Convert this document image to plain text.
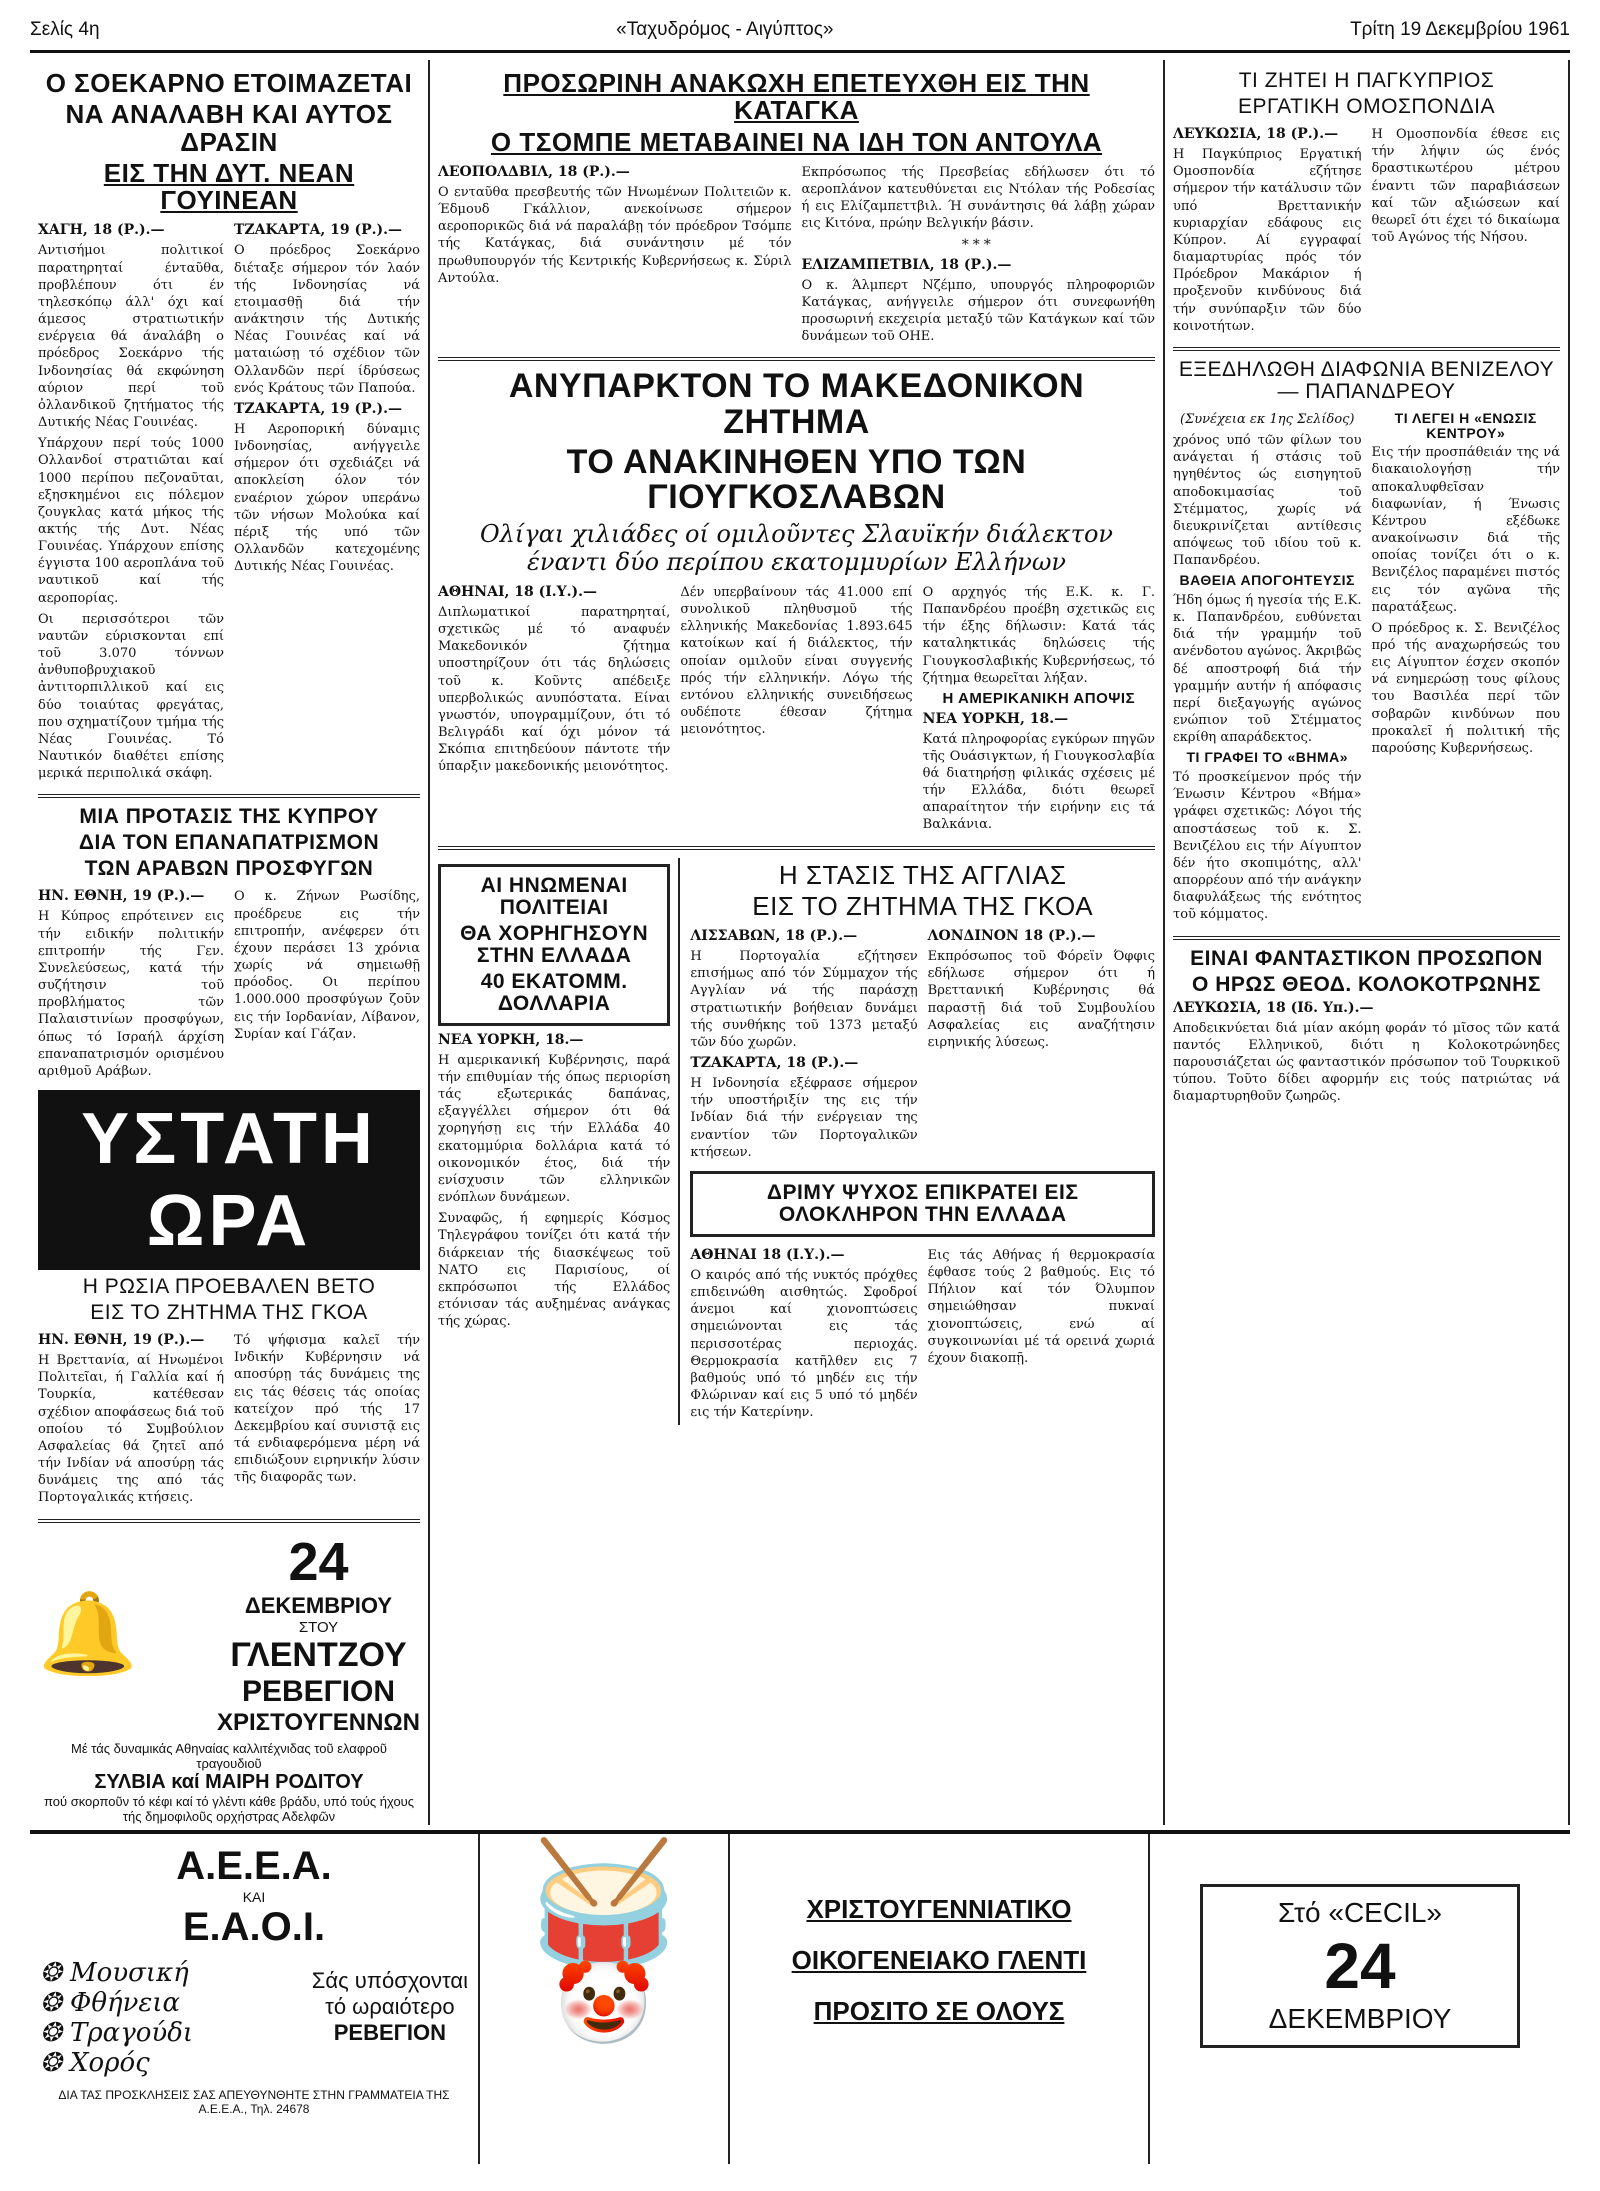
Σελίς 4η	«Ταχυδρόμος - Αιγύπτος»	Τρίτη 19 Δεκεμβρίου 1961
Ο ΣΟΕΚΑΡΝΟ ΕΤΟΙΜΑΖΕΤΑΙ
ΝΑ ΑΝΑΛΑΒΗ ΚΑΙ ΑΥΤΟΣ ΔΡΑΣΙΝ
ΕΙΣ ΤΗΝ ΔΥΤ. ΝΕΑΝ ΓΟΥΙΝΕΑΝ
ΧΑΓΗ, 18 (Ρ.).—

Αντισήμοι πολιτικοί παρατηρηταί ένταῦθα, προβλέπουν ότι έν τηλεσκόπῳ άλλ' όχι καί άμεσος στρατιωτικήν ενέργεια θά άναλάβη ο πρόεδρος Σοεκάρνο τής Ινδονησίας θά εκφώνηση αύριον περί τοῦ ὀλλανδικοῦ ζητήματος τής Δυτικής Νέας Γουινέας.

Υπάρχουν περί τούς 1000 Ολλανδοί στρατιῶται καί 1000 περίπου πεζοναῦται, εξησκημένοι εις πόλεμον ζουγκλας κατά μήκος τής ακτής τής Δυτ. Νέας Γουινέας. Υπάρχουν επίσης έγγιστα 100 αεροπλάνα τοῦ ναυτικοῦ καί τής αεροπορίας.

Οι περισσότεροι τῶν ναυτῶν εύρισκονται επί τοῦ 3.070 τόννων ἀνθυποβρυχιακοῦ ἀντιτορπιλλικοῦ καί εις δύο τοιαύτας φρεγάτας, που σχηματίζουν τμήμα τής Νέας Γουινέας. Τό Ναυτικόν διαθέτει επίσης μερικά περιπολικά σκάφη.

ΤΖΑΚΑΡΤΑ, 19 (Ρ.).—

Ο πρόεδρος Σοεκάρνο διέταξε σήμερον τόν λαόν τής Ινδονησίας νά ετοιμασθῇ διά τήν ανάκτησιν τής Δυτικής Νέας Γουινέας καί νά ματαιώσῃ τό σχέδιον τῶν Ολλανδῶν περί ίδρύσεως ενός Κράτους τῶν Παπούα.

ΤΖΑΚΑΡΤΑ, 19 (Ρ.).—

Η Αεροπορική δύναμις Ινδονησίας, ανήγγειλε σήμερον ότι σχεδιάζει νά αποκλείση όλον τόν εναέριον χώρον υπεράνω τῶν νήσων Μολούκα καί πέριξ τής υπό τῶν Ολλανδῶν κατεχομένης Δυτικής Νέας Γουινέας.

ΜΙΑ ΠΡΟΤΑΣΙΣ ΤΗΣ ΚΥΠΡΟΥ
ΔΙΑ ΤΟΝ ΕΠΑΝΑΠΑΤΡΙΣΜΟΝ
ΤΩΝ ΑΡΑΒΩΝ ΠΡΟΣΦΥΓΩΝ
ΗΝ. ΕΘΝΗ, 19 (Ρ.).—

Η Κύπρος επρότεινεν εις τήν ειδικήν πολιτικήν επιτροπήν τής Γεν. Συνελεύσεως, κατά τήν συζήτησιν τοῦ προβλήματος τῶν Παλαιστινίων προσφύγων, όπως τό Ισραήλ άρχίση επαναπατρισμόν ορισμένου αριθμοῦ Αράβων.

Ο κ. Ζήνων Ρωσίδης, προέδρευε εις τήν επιτροπήν, ανέφερεν ότι έχουν περάσει 13 χρόνια χωρίς νά σημειωθῇ πρόοδος. Οι περίπου 1.000.000 προσφύγων ζοῦν εις τήν Ιορδανίαν, Λίβανον, Συρίαν καί Γάζαν.

ΥΣΤΑΤΗ ΩΡΑ
Η ΡΩΣΙΑ ΠΡΟΕΒΑΛΕΝ ΒΕΤΟ
ΕΙΣ ΤΟ ΖΗΤΗΜΑ ΤΗΣ ΓΚΟΑ
ΗΝ. ΕΘΝΗ, 19 (Ρ.).—

Η Βρεττανία, αί Ηνωμένοι Πολιτεῖαι, ή Γαλλία καί ή Τουρκία, κατέθεσαν σχέδιον αποφάσεως διά τοῦ οποίου τό Συμβούλιον Ασφαλείας θά ζητεῖ από τήν Ινδίαν νά αποσύρῃ τάς δυνάμεις της από τάς Πορτογαλικάς κτήσεις.

Τό ψήφισμα καλεῖ τήν Ινδικήν Κυβέρνησιν νά αποσύρῃ τάς δυνάμεις της εις τάς θέσεις τάς οποίας κατείχον πρό τής 17 Δεκεμβρίου καί συνιστᾷ εις τά ενδιαφερόμενα μέρη νά επιδιώξουν ειρηνικήν λύσιν τῆς διαφορᾶς των.

🔔
24
ΔΕΚΕΜΒΡΙΟΥ
ΣΤΟΥ
ΓΛΕΝΤΖΟΥ
ΡΕΒΕΓΙΟΝ
ΧΡΙΣΤΟΥΓΕΝΝΩΝ
Μέ τάς δυναμικάς Αθηναίας καλλιτέχνιδας τοῦ ελαφροῦ τραγουδιοῦ
ΣΥΛΒΙΑ καί ΜΑΙΡΗ ΡΟΔΙΤΟΥ
πού σκορποῦν τό κέφι καί τό γλέντι κάθε βράδυ, υπό τούς ήχους τής δημοφιλοῦς ορχήστρας Αδελφῶν
ΠΡΟΣΩΡΙΝΗ ΑΝΑΚΩΧΗ ΕΠΕΤΕΥΧΘΗ ΕΙΣ ΤΗΝ ΚΑΤΑΓΚΑ
Ο ΤΣΟΜΠΕ ΜΕΤΑΒΑΙΝΕΙ ΝΑ ΙΔΗ ΤΟΝ ΑΝΤΟΥΛΑ
ΛΕΟΠΟΛΔΒΙΛ, 18 (Ρ.).—

Ο ενταῦθα πρεσβευτής τῶν Ηνωμένων Πολιτειῶν κ. Έδμουδ Γκάλλιον, ανεκοίνωσε σήμερον αεροπορικῶς διά νά παραλάβῃ τόν πρόεδρον Τσόμπε τής Κατάγκας, διά συνάντησιν μέ τόν πρωθυπουργόν τής Κεντρικής Κυβερνήσεως κ. Σύριλ Αντούλα.

Εκπρόσωπος τής Πρεσβείας εδήλωσεν ότι τό αεροπλάνον κατευθύνεται εις Ντόλαν τής Ροδεσίας ή εις Ελίζαμπεττβιλ. Ή συνάντησις θά λάβῃ χώραν εις Κιτόνα, πρώην Βελγικήν βάσιν.

***
ΕΛΙΖΑΜΠΕΤΒΙΛ, 18 (Ρ.).—

Ο κ. Άλμπερτ Νζέμπο, υπουργός πληροφοριῶν Κατάγκας, ανήγγειλε σήμερον ότι συνεφωνήθη προσωρινή εκεχειρία μεταξύ τῶν Κατάγκων καί τῶν δυνάμεων τοῦ ΟΗΕ.

ΑΝΥΠΑΡΚΤΟΝ ΤΟ ΜΑΚΕΔΟΝΙΚΟΝ ΖΗΤΗΜΑ
ΤΟ ΑΝΑΚΙΝΗΘΕΝ ΥΠΟ ΤΩΝ ΓΙΟΥΓΚΟΣΛΑΒΩΝ
Ολίγαι χιλιάδες οί ομιλοῦντες Σλαυϊκήν διάλεκτον έναντι δύο περίπου εκατομμυρίων Ελλήνων
ΑΘΗΝΑΙ, 18 (Ι.Υ.).—

Διπλωματικοί παρατηρηταί, σχετικῶς μέ τό αναφυέν Μακεδονικόν ζήτημα υποστηρίζουν ότι τάς δηλώσεις τοῦ κ. Κοῦντς απέδειξε υπερβολικώς ανυπόστατα. Είναι γνωστόν, υπογραμμίζουν, ότι τό Βελιγράδι καί όχι μόνον τά Σκόπια επιτηδεύουν πάντοτε τήν ύπαρξιν μακεδονικής μειονότητος.

Δέν υπερβαίνουν τάς 41.000 επί συνολικοῦ πληθυσμοῦ τής ελληνικής Μακεδονίας 1.893.645 κατοίκων καί ή διάλεκτος, τήν οποίαν ομιλοῦν είναι συγγενής πρός τήν ελληνικήν. Λόγω τής εντόνου ελληνικής συνειδήσεως ουδέποτε έθεσαν ζήτημα μειονότητος.

Ο αρχηγός τής Ε.Κ. κ. Γ. Παπανδρέου προέβη σχετικῶς εις τήν έξης δήλωσιν: Κατά τάς καταληκτικάς δηλώσεις τής Γιουγκοσλαβικής Κυβερνήσεως, τό ζήτημα θεωρεῖται λήξαν.

Η ΑΜΕΡΙΚΑΝΙΚΗ ΑΠΟΨΙΣ
ΝΕΑ ΥΟΡΚΗ, 18.—

Κατά πληροφορίας εγκύρων πηγῶν τῆς Ουάσιγκτων, ή Γιουγκοσλαβία θά διατηρήσῃ φιλικάς σχέσεις μέ τήν Ελλάδα, διότι θεωρεῖ απαραίτητον τήν ειρήνην εις τά Βαλκάνια.

ΑΙ ΗΝΩΜΕΝΑΙ ΠΟΛΙΤΕΙΑΙ
ΘΑ ΧΟΡΗΓΗΣΟΥΝ ΣΤΗΝ ΕΛΛΑΔΑ
40 ΕΚΑΤΟΜΜ. ΔΟΛΛΑΡΙΑ
ΝΕΑ ΥΟΡΚΗ, 18.—

Η αμερικανική Κυβέρνησις, παρά τήν επιθυμίαν τής όπως περιορίση τάς εξωτερικάς δαπάνας, εξαγγέλλει σήμερον ότι θά χορηγήσῃ εις τήν Ελλάδα 40 εκατομμύρια δολλάρια κατά τό οικονομικόν έτος, διά τήν ενίσχυσιν τῶν ελληνικῶν ενόπλων δυνάμεων.

Συναφῶς, ή εφημερίς Κόσμος Τηλεγράφου τονίζει ότι κατά τήν διάρκειαν τής διασκέψεως τοῦ ΝΑΤΟ εις Παρισίους, οί εκπρόσωποι τής Ελλάδος ετόνισαν τάς αυξημένας ανάγκας τής χώρας.

Η ΣΤΑΣΙΣ ΤΗΣ ΑΓΓΛΙΑΣ
ΕΙΣ ΤΟ ΖΗΤΗΜΑ ΤΗΣ ΓΚΟΑ
ΛΙΣΣΑΒΩΝ, 18 (Ρ.).—

Η Πορτογαλία εζήτησεν επισήμως από τόν Σύμμαχον τής Αγγλίαν νά τής παράσχῃ στρατιωτικήν βοήθειαν δυνάμει τής συνθήκης τοῦ 1373 μεταξύ τῶν δύο χωρῶν.

ΤΖΑΚΑΡΤΑ, 18 (Ρ.).—

Η Ινδονησία εξέφρασε σήμερον τήν υποστήριξίν της εις τήν Ινδίαν διά τήν ενέργειαν της εναντίον τῶν Πορτογαλικῶν κτήσεων.

ΛΟΝΔΙΝΟΝ 18 (Ρ.).—

Εκπρόσωπος τοῦ Φόρεϊν Όφφις εδήλωσε σήμερον ότι ή Βρεττανική Κυβέρνησις θά παραστῇ διά τοῦ Συμβουλίου Ασφαλείας εις αναζήτησιν ειρηνικής λύσεως.

ΔΡΙΜΥ ΨΥΧΟΣ ΕΠΙΚΡΑΤΕΙ ΕΙΣ ΟΛΟΚΛΗΡΟΝ ΤΗΝ ΕΛΛΑΔΑ
ΑΘΗΝΑΙ 18 (Ι.Υ.).—

Ο καιρός από τής νυκτός πρόχθες επιδεινώθη αισθητώς. Σφοδροί άνεμοι καί χιονοπτώσεις σημειώνονται εις τάς περισσοτέρας περιοχάς. Θερμοκρασία κατῆλθεν εις 7 βαθμούς υπό τό μηδέν εις τήν Φλώριναν καί εις 5 υπό τό μηδέν εις τήν Κατερίνην.

Εις τάς Αθήνας ή θερμοκρασία έφθασε τούς 2 βαθμούς. Εις τό Πήλιον καί τόν Όλυμπον σημειώθησαν πυκναί χιονοπτώσεις, ενώ αί συγκοινωνίαι μέ τά ορεινά χωριά έχουν διακοπῇ.

ΤΙ ΖΗΤΕΙ Η ΠΑΓΚΥΠΡΙΟΣ
ΕΡΓΑΤΙΚΗ ΟΜΟΣΠΟΝΔΙΑ
ΛΕΥΚΩΣΙΑ, 18 (Ρ.).—

Η Παγκύπριος Εργατική Ομοσπονδία εζήτησε σήμερον τήν κατάλυσιν τῶν υπό Βρεττανικήν κυριαρχίαν εδάφους εις Κύπρον. Αί εγγραφαί διαμαρτυρίας πρός τόν Πρόεδρον Μακάριον ή προξενοῦν κινδύνους διά τήν συνύπαρξιν τῶν δύο κοινοτήτων.

Η Ομοσπονδία έθεσε εις τήν λήψιν ώς ένός δραστικωτέρου μέτρου έναντι τῶν παραβιάσεων καί τῶν αξιώσεων καί θεωρεῖ ότι έχει τό δικαίωμα τοῦ Αγώνος τής Νήσου.

ΕΞΕΔΗΛΩΘΗ ΔΙΑΦΩΝΙΑ ΒΕΝΙΖΕΛΟΥ — ΠΑΠΑΝΔΡΕΟΥ
(Συνέχεια εκ 1ης Σελίδος)

χρόνος υπό τῶν φίλων του ανάγεται ή στάσις τοῦ ηγηθέντος ώς εισηγητοῦ αποδοκιμασίας τοῦ Στέμματος, χωρίς νά διευκρινίζεται αντίθεσις απόψεως τοῦ ιδίου τοῦ κ. Παπανδρέου.

ΒΑΘΕΙΑ ΑΠΟΓΟΗΤΕΥΣΙΣ

Ήδη όμως ή ηγεσία τής Ε.Κ. κ. Παπανδρέου, ευθύνεται διά τήν γραμμήν τοῦ ανένδοτου αγώνος. Άκριβῶς δέ αποστροφή διά τήν γραμμήν αυτήν ή απόφασις περί διεξαγωγής αγώνος ενώπιον τοῦ Στέμματος εκρίθη απαράδεκτος.

ΤΙ ΓΡΑΦΕΙ ΤΟ «ΒΗΜΑ»

Τό προσκείμενον πρός τήν Ένωσιν Κέντρου «Βήμα» γράφει σχετικῶς: Λόγοι τής αποστάσεως τοῦ κ. Σ. Βενιζέλου εις τήν Αίγυπτον δέν ήτο σκοπιμότης, αλλ' απορρέουν από τήν ανάγκην διαφυλάξεως τής ενότητος τοῦ κόμματος.

ΤΙ ΛΕΓΕΙ Η «ΕΝΩΣΙΣ ΚΕΝΤΡΟΥ»

Εις τήν προσπάθειάν της νά διακαιολογήσῃ τήν αποκαλυφθεῖσαν διαφωνίαν, ή Ένωσις Κέντρου εξέδωκε ανακοίνωσιν διά τῆς οποίας τονίζει ότι ο κ. Βενιζέλος παραμένει πιστός εις τόν αγῶνα τῆς παρατάξεως.

Ο πρόεδρος κ. Σ. Βενιζέλος πρό τής αναχωρήσεώς του εις Αίγυπτον έσχεν σκοπόν νά ενημερώσῃ τους φίλους του Βασιλέα περί τῶν σοβαρῶν κινδύνων που προκαλεῖ ή πολιτική τῆς παρούσης Κυβερνήσεως.

ΕΙΝΑΙ ΦΑΝΤΑΣΤΙΚΟΝ ΠΡΟΣΩΠΟΝ
Ο ΗΡΩΣ ΘΕΟΔ. ΚΟΛΟΚΟΤΡΩΝΗΣ
ΛΕΥΚΩΣΙΑ, 18 (Ιδ. Υπ.).—

Αποδεικνύεται διά μίαν ακόμη φοράν τό μῖσος τῶν κατά παντός Ελληνικοῦ, διότι η Κολοκοτρώνηδες παρουσιάζεται ώς φανταστικόν πρόσωπον τοῦ Τουρκικοῦ τύπου. Τοῦτο δίδει αφορμήν εις τούς πατριώτας νά διαμαρτυρηθοῦν ζωηρῶς.

Α.Ε.Ε.Α.
ΚΑΙ
Ε.Α.Ο.Ι.
❂ Μουσική
❂ Φθήνεια
❂ Τραγούδι
❂ Χορός
Σάς υπόσχονται
τό ωραιότερο
ΡΕΒΕΓΙΟΝ
ΔΙΑ ΤΑΣ ΠΡΟΣΚΛΗΣΕΙΣ ΣΑΣ ΑΠΕΥΘΥΝΘΗΤΕ ΣΤΗΝ ΓΡΑΜΜΑΤΕΙΑ ΤΗΣ Α.Ε.Ε.Α., Τηλ. 24678
🥁
🤡
ΧΡΙΣΤΟΥΓΕΝΝΙΑΤΙΚΟ
ΟΙΚΟΓΕΝΕΙΑΚΟ ΓΛΕΝΤΙ
ΠΡΟΣΙΤΟ ΣΕ ΟΛΟΥΣ
Στό «CECIL»
24
ΔΕΚΕΜΒΡΙΟΥ
